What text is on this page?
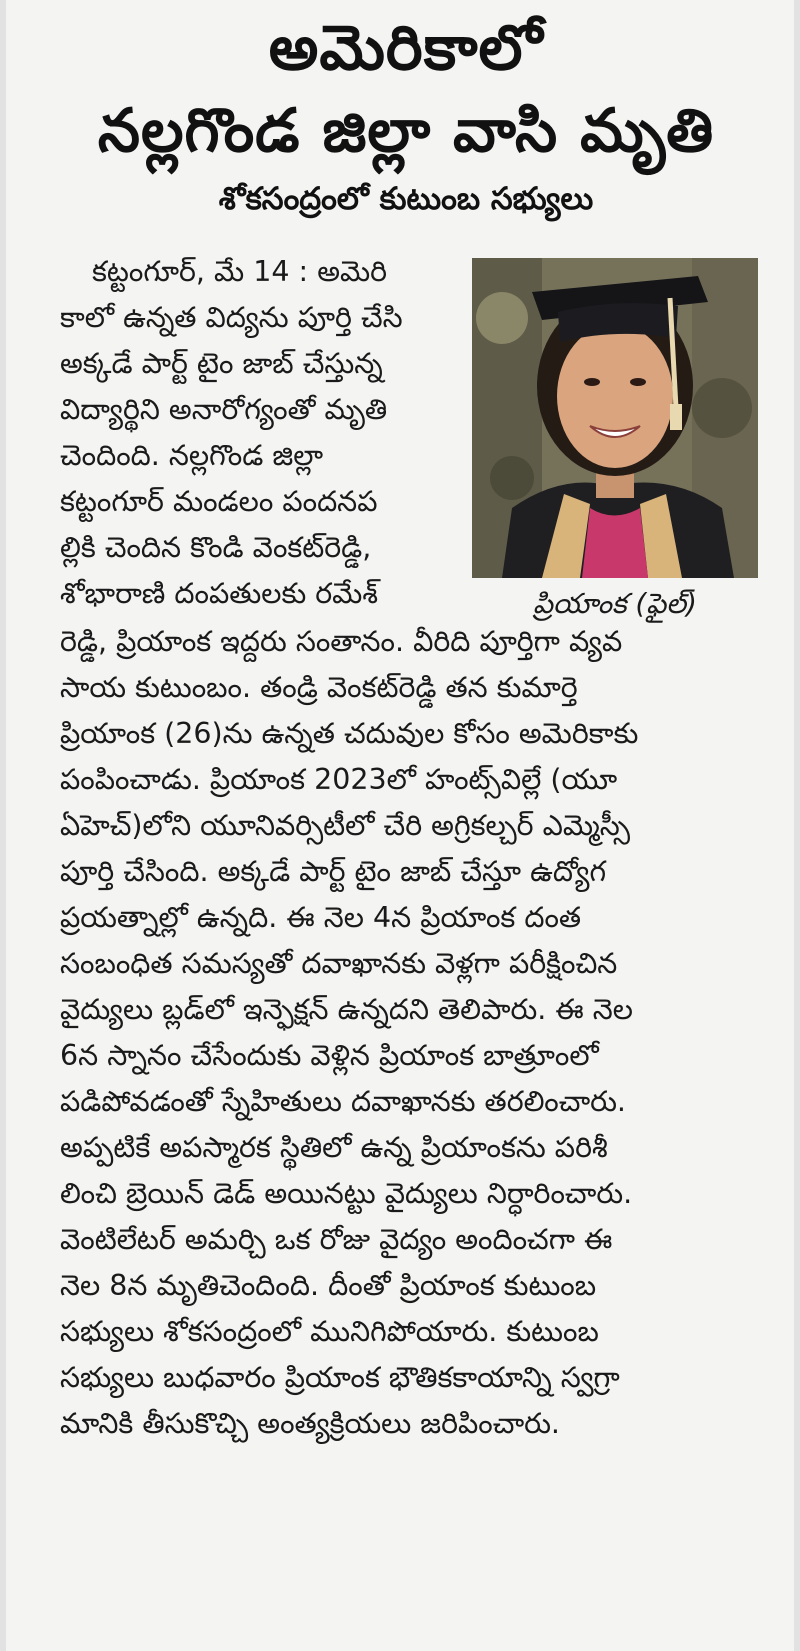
అమెరికాలో
నల్లగొండ జిల్లా వాసి మృతి
శోకసంద్రంలో కుటుంబ సభ్యులు

ప్రియాంక (ఫైల్)

కట్టంగూర్, మే 14 : అమెరి

కాలో ఉన్నత విద్యను పూర్తి చేసి

అక్కడే పార్ట్ టైం జాబ్ చేస్తున్న

విద్యార్థిని అనారోగ్యంతో మృతి

చెందింది. నల్లగొండ జిల్లా

కట్టంగూర్ మండలం పందనప

ల్లికి చెందిన కొండి వెంకట్‌రెడ్డి,

శోభారాణి దంపతులకు రమేశ్

రెడ్డి, ప్రియాంక ఇద్దరు సంతానం. వీరిది పూర్తిగా వ్యవ

సాయ కుటుంబం. తండ్రి వెంకట్‌రెడ్డి తన కుమార్తె

ప్రియాంక (26)ను ఉన్నత చదువుల కోసం అమెరికాకు

పంపించాడు. ప్రియాంక 2023లో హంట్స్‌విల్లే (యూ

ఏహెచ్)లోని యూనివర్సిటీలో చేరి అగ్రికల్చర్ ఎమ్మెస్సీ

పూర్తి చేసింది. అక్కడే పార్ట్ టైం జాబ్ చేస్తూ ఉద్యోగ

ప్రయత్నాల్లో ఉన్నది. ఈ నెల 4న ప్రియాంక దంత

సంబంధిత సమస్యతో దవాఖానకు వెళ్లగా పరీక్షించిన

వైద్యులు బ్లడ్‌లో ఇన్ఫెక్షన్ ఉన్నదని తెలిపారు. ఈ నెల

6న స్నానం చేసేందుకు వెళ్లిన ప్రియాంక బాత్రూంలో

పడిపోవడంతో స్నేహితులు దవాఖానకు తరలించారు.

అప్పటికే అపస్మారక స్థితిలో ఉన్న ప్రియాంకను పరిశీ

లించి బ్రెయిన్ డెడ్ అయినట్టు వైద్యులు నిర్ధారించారు.

వెంటిలేటర్ అమర్చి ఒక రోజు వైద్యం అందించగా ఈ

నెల 8న మృతిచెందింది. దీంతో ప్రియాంక కుటుంబ

సభ్యులు శోకసంద్రంలో మునిగిపోయారు. కుటుంబ

సభ్యులు బుధవారం ప్రియాంక భౌతికకాయాన్ని స్వగ్రా

మానికి తీసుకొచ్చి అంత్యక్రియలు జరిపించారు.
